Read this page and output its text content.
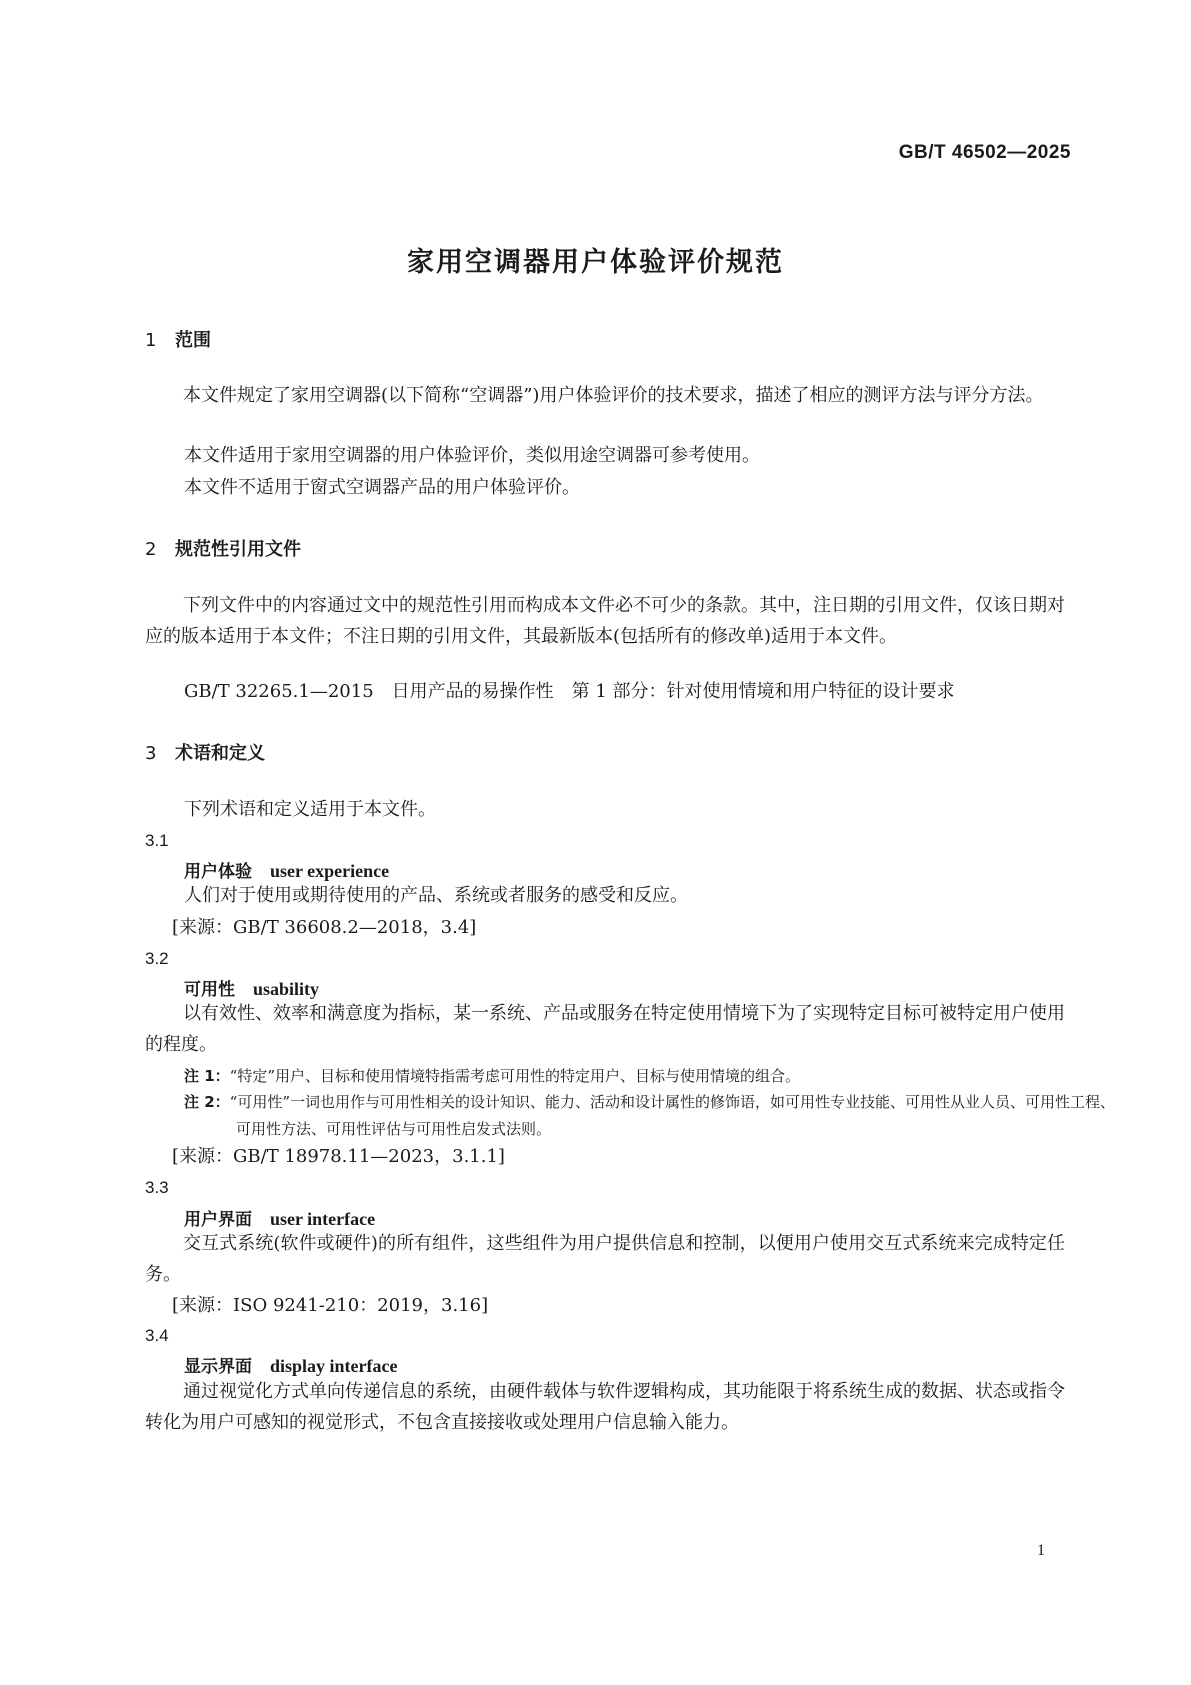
GB/T 46502—2025

家用空调器用户体验评价规范
1 范围

本文件规定了家用空调器(以下简称“空调器”)用户体验评价的技术要求，描述了相应的测评方法与评分方法。

本文件适用于家用空调器的用户体验评价，类似用途空调器可参考使用。

本文件不适用于窗式空调器产品的用户体验评价。

2 规范性引用文件

下列文件中的内容通过文中的规范性引用而构成本文件必不可少的条款。其中，注日期的引用文件，仅该日期对应的版本适用于本文件；不注日期的引用文件，其最新版本(包括所有的修改单)适用于本文件。

GB/T 32265.1—2015　日用产品的易操作性　第 1 部分：针对使用情境和用户特征的设计要求

3 术语和定义

下列术语和定义适用于本文件。

3.1

用户体验 user experience

人们对于使用或期待使用的产品、系统或者服务的感受和反应。

[来源：GB/T 36608.2—2018，3.4]

3.2

可用性 usability

以有效性、效率和满意度为指标，某一系统、产品或服务在特定使用情境下为了实现特定目标可被特定用户使用的程度。

注 1：“特定”用户、目标和使用情境特指需考虑可用性的特定用户、目标与使用情境的组合。

注 2：“可用性”一词也用作与可用性相关的设计知识、能力、活动和设计属性的修饰语，如可用性专业技能、可用性从业人员、可用性工程、可用性方法、可用性评估与可用性启发式法则。

[来源：GB/T 18978.11—2023，3.1.1]

3.3

用户界面 user interface

交互式系统(软件或硬件)的所有组件，这些组件为用户提供信息和控制，以便用户使用交互式系统来完成特定任务。

[来源：ISO 9241-210：2019，3.16]

3.4

显示界面 display interface

通过视觉化方式单向传递信息的系统，由硬件载体与软件逻辑构成，其功能限于将系统生成的数据、状态或指令转化为用户可感知的视觉形式，不包含直接接收或处理用户信息输入能力。

1
